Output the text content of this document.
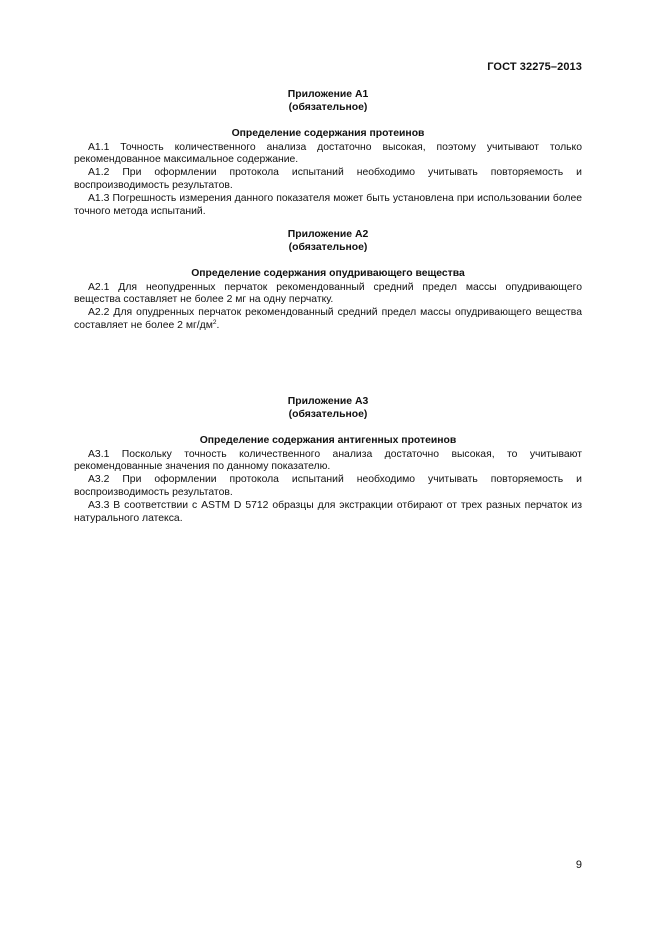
ГОСТ 32275–2013
Приложение А1
(обязательное)
Определение содержания протеинов

А1.1 Точность количественного анализа достаточно высокая, поэтому учитывают только рекомендованное максимальное содержание.

А1.2 При оформлении протокола испытаний необходимо учитывать повторяемость и воспроизводимость результатов.

А1.3 Погрешность измерения данного показателя может быть установлена при использовании более точного метода испытаний.

Приложение А2
(обязательное)
Определение содержания опудривающего вещества

А2.1 Для неопудренных перчаток рекомендованный средний предел массы опудривающего вещества составляет не более 2 мг на одну перчатку.

А2.2 Для опудренных перчаток рекомендованный средний предел массы опудривающего вещества составляет не более 2 $мг/дм^2$.

Приложение А3
(обязательное)
Определение содержания антигенных протеинов

А3.1 Поскольку точность количественного анализа достаточно высокая, то учитывают рекомендованные значения по данному показателю.

А3.2 При оформлении протокола испытаний необходимо учитывать повторяемость и воспроизводимость результатов.

А3.3 В соответствии с ASTM D 5712 образцы для экстракции отбирают от трех разных перчаток из натурального латекса.

9
